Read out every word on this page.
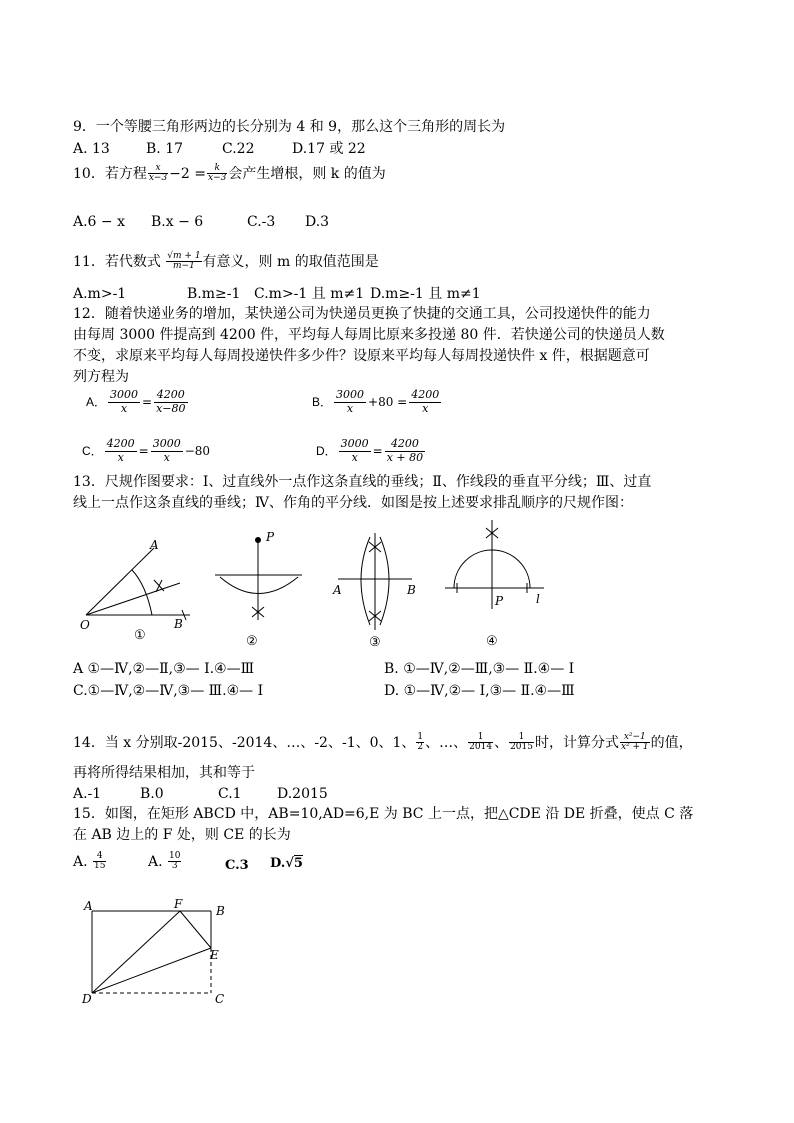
9．一个等腰三角形两边的长分别为 4 和 9，那么这个三角形的周长为
A. 13	B. 17	C.22	D.17 或 22
10．若方程 $\frac{x}{x-3} -2 = \frac{k}{x-3}$ 会产生增根，则 k 的值为
A.6 − x B.x − 6	C.-3 D.3
11．若代数式 $\frac{√m + 1}{m-1}$ 有意义，则 m 的取值范围是
A.m>-1	B.m≥-1 C.m>-1 且 m≠1 D.m≥-1 且 m≠1
12．随着快递业务的增加，某快递公司为快递员更换了快捷的交通工具，公司投递快件的能力
由每周 3000 件提高到 4200 件，平均每人每周比原来多投递 80 件．若快递公司的快递员人数
不变，求原来平均每人每周投递快件多少件？设原来平均每人每周投递快件 x 件，根据题意可
列方程为
A． $\frac{3000}{x} = \frac{4200}{x-80}$	B． $\frac{3000}{x} +80 = \frac{4200}{x}$
C． $\frac{4200}{x} = \frac{3000}{x} -80$	D． $\frac{3000}{x} = \frac{4200}{x + 80}$
13．尺规作图要求：Ⅰ、过直线外一点作这条直线的垂线；Ⅱ、作线段的垂直平分线；Ⅲ、过直
线上一点作这条直线的垂线；Ⅳ、作角的平分线．如图是按上述要求排乱顺序的尺规作图：
A
O	B
①
P
②
A	B
③
P	l
④
A ①—Ⅳ,②—Ⅱ,③— Ⅰ.④—Ⅲ	B. ①—Ⅳ,②—Ⅲ,③— Ⅱ.④— Ⅰ
C.①—Ⅳ,②—Ⅳ,③— Ⅲ.④— Ⅰ	D. ①—Ⅳ,②— Ⅰ,③— Ⅱ.④—Ⅲ
14．当 x 分别取-2015、-2014、…、-2、-1、0、1、 $\frac{1}{2}$ 、…、 $\frac{1}{2014}$ 、 $\frac{1}{2015}$ 时，计算分式 $\frac{\text{x²−1}}{\text{x² + 1}}$ 的值，
再将所得结果相加，其和等于
A.-1	B.0	C.1	D.2015
15．如图，在矩形 ABCD 中，AB=10,AD=6,E 为 BC 上一点，把△CDE 沿 DE 折叠，使点 C 落
在 AB 边上的 F 处，则 CE 的长为
A. $\frac{4}{15}$	A. $\frac{10}{3}$	C.3 D.√5
A	F	B
E
D	C
